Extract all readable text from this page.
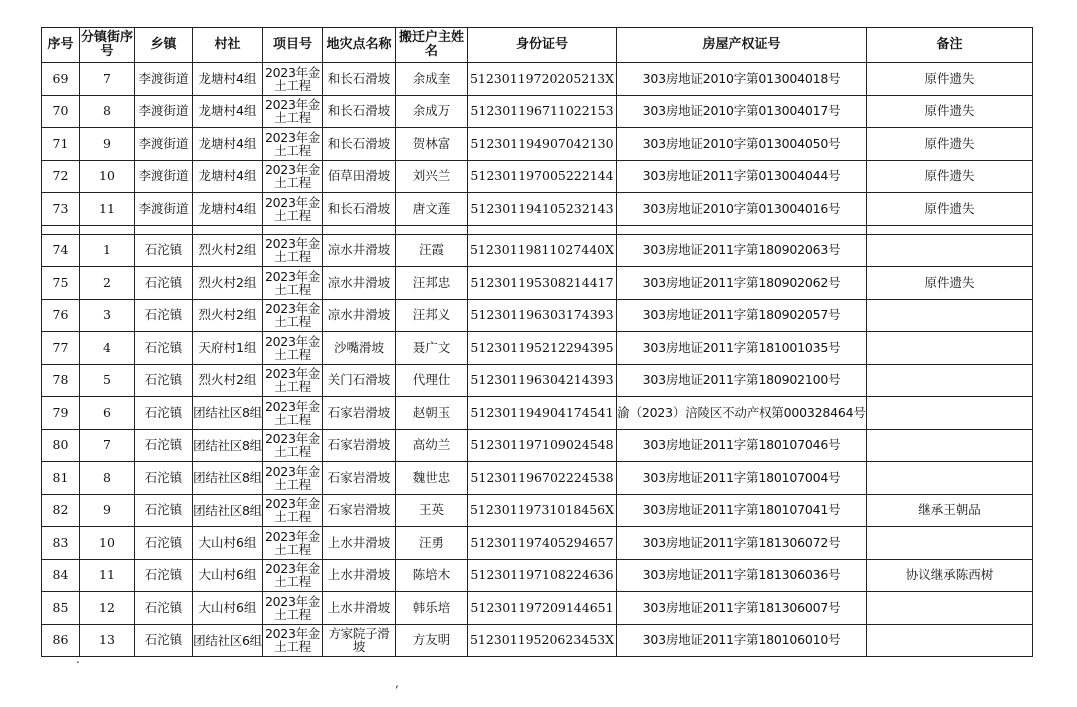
序号	分镇街序号	乡镇	村社	项目号	地灾点名称	搬迁户主姓名	身份证号	房屋产权证号	备注
69	7	李渡街道	龙塘村4组	2023年金土工程	和长石滑坡	余成奎	51230119720205213X	303房地证2010字第013004018号	原件遗失
70	8	李渡街道	龙塘村4组	2023年金土工程	和长石滑坡	余成万	512301196711022153	303房地证2010字第013004017号	原件遗失
71	9	李渡街道	龙塘村4组	2023年金土工程	和长石滑坡	贺林富	512301194907042130	303房地证2010字第013004050号	原件遗失
72	10	李渡街道	龙塘村4组	2023年金土工程	佰草田滑坡	刘兴兰	512301197005222144	303房地证2011字第013004044号	原件遗失
73	11	李渡街道	龙塘村4组	2023年金土工程	和长石滑坡	唐文莲	512301194105232143	303房地证2010字第013004016号	原件遗失

74	1	石沱镇	烈火村2组	2023年金土工程	凉水井滑坡	汪霞	51230119811027440X	303房地证2011字第180902063号	
75	2	石沱镇	烈火村2组	2023年金土工程	凉水井滑坡	汪邦忠	512301195308214417	303房地证2011字第180902062号	原件遗失
76	3	石沱镇	烈火村2组	2023年金土工程	凉水井滑坡	汪邦义	512301196303174393	303房地证2011字第180902057号	
77	4	石沱镇	天府村1组	2023年金土工程	沙嘴滑坡	聂广文	512301195212294395	303房地证2011字第181001035号	
78	5	石沱镇	烈火村2组	2023年金土工程	关门石滑坡	代理仕	512301196304214393	303房地证2011字第180902100号	
79	6	石沱镇	团结社区8组	2023年金土工程	石家岩滑坡	赵朝玉	512301194904174541	渝（2023）涪陵区不动产权第000328464号	
80	7	石沱镇	团结社区8组	2023年金土工程	石家岩滑坡	高幼兰	512301197109024548	303房地证2011字第180107046号	
81	8	石沱镇	团结社区8组	2023年金土工程	石家岩滑坡	魏世忠	512301196702224538	303房地证2011字第180107004号	
82	9	石沱镇	团结社区8组	2023年金土工程	石家岩滑坡	王英	51230119731018456X	303房地证2011字第180107041号	继承王朝品
83	10	石沱镇	大山村6组	2023年金土工程	上水井滑坡	汪勇	512301197405294657	303房地证2011字第181306072号	
84	11	石沱镇	大山村6组	2023年金土工程	上水井滑坡	陈培木	512301197108224636	303房地证2011字第181306036号	协议继承陈西树
85	12	石沱镇	大山村6组	2023年金土工程	上水井滑坡	韩乐培	512301197209144651	303房地证2011字第181306007号	
86	13	石沱镇	团结社区6组	2023年金土工程	方家院子滑坡	方友明	51230119520623453X	303房地证2011字第180106010号	
.
,
